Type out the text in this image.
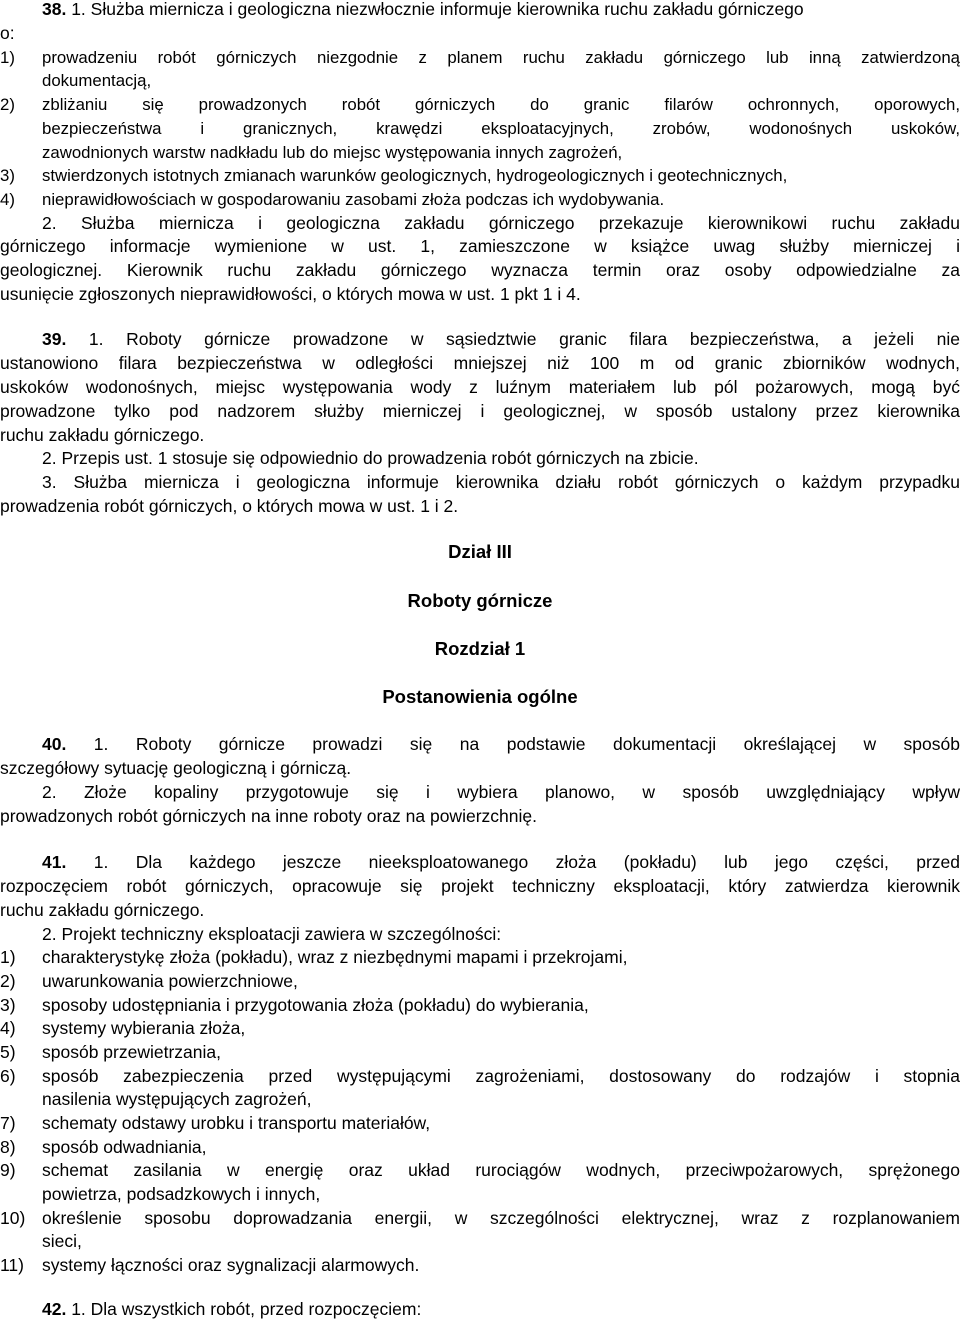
38. 1. Służba miernicza i geologiczna niezwłocznie informuje kierownika ruchu zakładu górniczego
o:
1)	prowadzeniu robót górniczych niezgodnie z planem ruchu zakładu górniczego lub inną zatwierdzoną
dokumentacją,
2)	zbliżaniu się prowadzonych robót górniczych do granic filarów ochronnych, oporowych,
bezpieczeństwa i granicznych, krawędzi eksploatacyjnych, zrobów, wodonośnych uskoków,
zawodnionych warstw nadkładu lub do miejsc występowania innych zagrożeń,
3)	stwierdzonych istotnych zmianach warunków geologicznych, hydrogeologicznych i geotechnicznych,
4)	nieprawidłowościach w gospodarowaniu zasobami złoża podczas ich wydobywania.
2. Służba miernicza i geologiczna zakładu górniczego przekazuje kierownikowi ruchu zakładu
górniczego informacje wymienione w ust. 1, zamieszczone w książce uwag służby mierniczej i
geologicznej. Kierownik ruchu zakładu górniczego wyznacza termin oraz osoby odpowiedzialne za
usunięcie zgłoszonych nieprawidłowości, o których mowa w ust. 1 pkt 1 i 4.
39. 1. Roboty górnicze prowadzone w sąsiedztwie granic filara bezpieczeństwa, a jeżeli nie
ustanowiono filara bezpieczeństwa w odległości mniejszej niż 100 m od granic zbiorników wodnych,
uskoków wodonośnych, miejsc występowania wody z luźnym materiałem lub pól pożarowych, mogą być
prowadzone tylko pod nadzorem służby mierniczej i geologicznej, w sposób ustalony przez kierownika
ruchu zakładu górniczego.
2. Przepis ust. 1 stosuje się odpowiednio do prowadzenia robót górniczych na zbicie.
3. Służba miernicza i geologiczna informuje kierownika działu robót górniczych o każdym przypadku
prowadzenia robót górniczych, o których mowa w ust. 1 i 2.
Dział III
Roboty górnicze
Rozdział 1
Postanowienia ogólne
40. 1. Roboty górnicze prowadzi się na podstawie dokumentacji określającej w sposób
szczegółowy sytuację geologiczną i górniczą.
2. Złoże kopaliny przygotowuje się i wybiera planowo, w sposób uwzględniający wpływ
prowadzonych robót górniczych na inne roboty oraz na powierzchnię.
41. 1. Dla każdego jeszcze nieeksploatowanego złoża (pokładu) lub jego części, przed
rozpoczęciem robót górniczych, opracowuje się projekt techniczny eksploatacji, który zatwierdza kierownik
ruchu zakładu górniczego.
2. Projekt techniczny eksploatacji zawiera w szczególności:
1)	charakterystykę złoża (pokładu), wraz z niezbędnymi mapami i przekrojami,
2)	uwarunkowania powierzchniowe,
3)	sposoby udostępniania i przygotowania złoża (pokładu) do wybierania,
4)	systemy wybierania złoża,
5)	sposób przewietrzania,
6)	sposób zabezpieczenia przed występującymi zagrożeniami, dostosowany do rodzajów i stopnia
nasilenia występujących zagrożeń,
7)	schematy odstawy urobku i transportu materiałów,
8)	sposób odwadniania,
9)	schemat zasilania w energię oraz układ rurociągów wodnych, przeciwpożarowych, sprężonego
powietrza, podsadzkowych i innych,
10) określenie sposobu doprowadzania energii, w szczególności elektrycznej, wraz z rozplanowaniem
sieci,
11)	systemy łączności oraz sygnalizacji alarmowych.
42. 1. Dla wszystkich robót, przed rozpoczęciem:
